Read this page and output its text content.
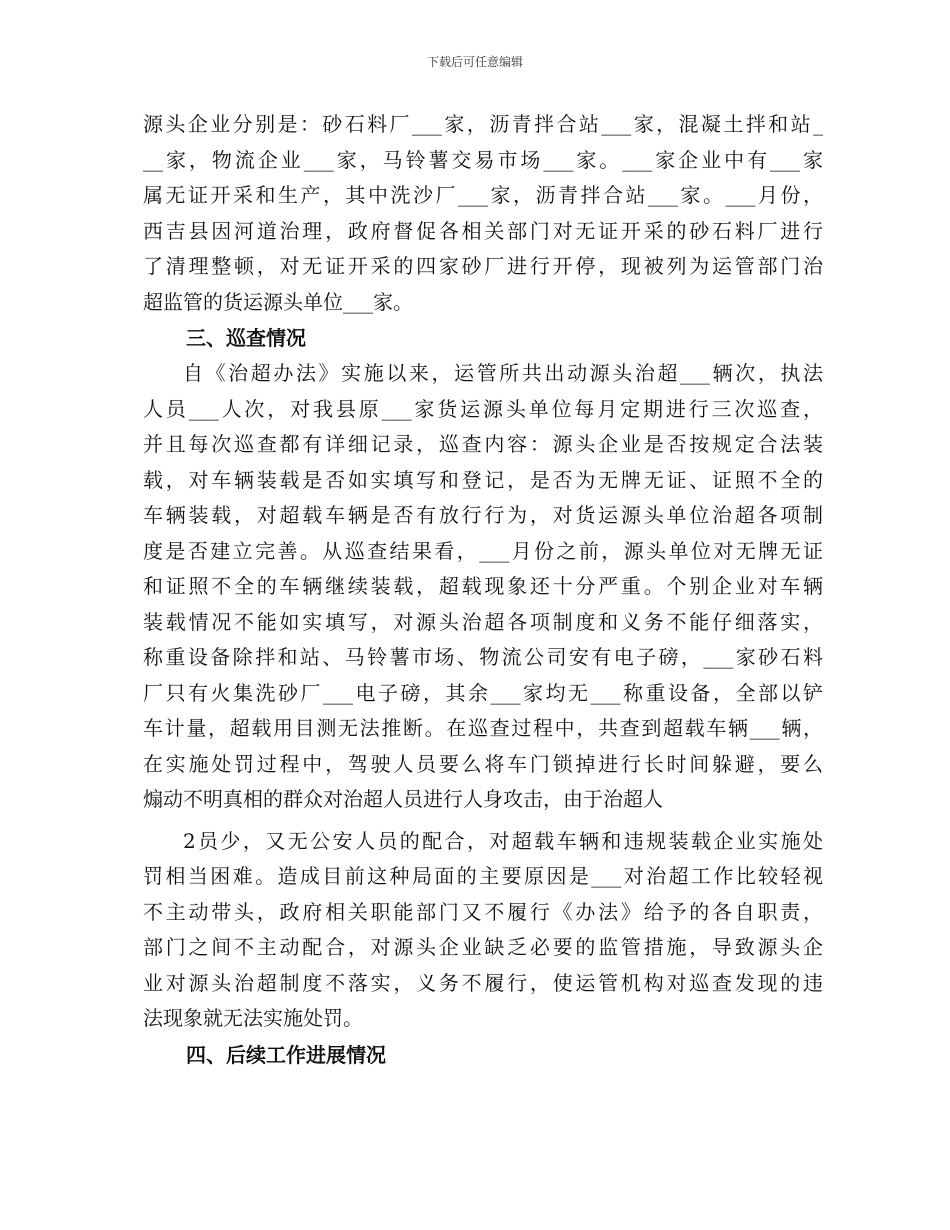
下载后可任意编辑
源头企业分别是：砂石料厂___家，沥青拌合站___家，混凝土拌和站_
__家，物流企业___家，马铃薯交易市场___家。___家企业中有___家
属无证开采和生产，其中洗沙厂___家，沥青拌合站___家。___月份，
西吉县因河道治理，政府督促各相关部门对无证开采的砂石料厂进行
了清理整顿，对无证开采的四家砂厂进行开停，现被列为运管部门治
超监管的货运源头单位___家。
三、巡查情况
自《治超办法》实施以来，运管所共出动源头治超___辆次，执法
人员___人次，对我县原___家货运源头单位每月定期进行三次巡查，
并且每次巡查都有详细记录，巡查内容：源头企业是否按规定合法装
载，对车辆装载是否如实填写和登记，是否为无牌无证、证照不全的
车辆装载，对超载车辆是否有放行行为，对货运源头单位治超各项制
度是否建立完善。从巡查结果看，___月份之前，源头单位对无牌无证
和证照不全的车辆继续装载，超载现象还十分严重。个别企业对车辆
装载情况不能如实填写，对源头治超各项制度和义务不能仔细落实，
称重设备除拌和站、马铃薯市场、物流公司安有电子磅，___家砂石料
厂只有火集洗砂厂___电子磅，其余___家均无___称重设备，全部以铲
车计量，超载用目测无法推断。在巡查过程中，共查到超载车辆___辆，
在实施处罚过程中，驾驶人员要么将车门锁掉进行长时间躲避，要么
煽动不明真相的群众对治超人员进行人身攻击，由于治超人
2员少，又无公安人员的配合，对超载车辆和违规装载企业实施处
罚相当困难。造成目前这种局面的主要原因是___对治超工作比较轻视
不主动带头，政府相关职能部门又不履行《办法》给予的各自职责，
部门之间不主动配合，对源头企业缺乏必要的监管措施，导致源头企
业对源头治超制度不落实，义务不履行，使运管机构对巡查发现的违
法现象就无法实施处罚。
四、后续工作进展情况
